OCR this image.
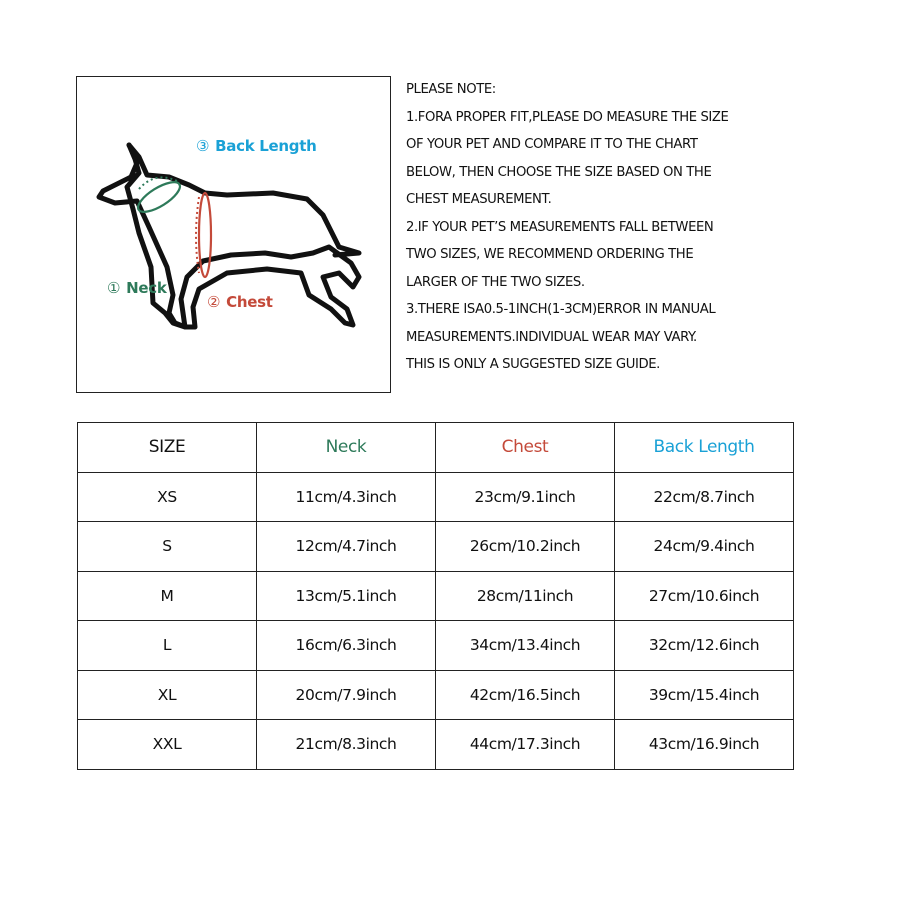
③ Back Length
① Neck
② Chest
PLEASE NOTE:
1.FORA PROPER FIT,PLEASE DO MEASURE THE SIZE
OF YOUR PET AND COMPARE IT TO THE CHART
BELOW, THEN CHOOSE THE SIZE BASED ON THE
CHEST MEASUREMENT.
2.IF YOUR PET’S MEASUREMENTS FALL BETWEEN
TWO SIZES, WE RECOMMEND ORDERING THE
LARGER OF THE TWO SIZES.
3.THERE ISA0.5-1INCH(1-3CM)ERROR IN MANUAL
MEASUREMENTS.INDIVIDUAL WEAR MAY VARY.
THIS IS ONLY A SUGGESTED SIZE GUIDE.
SIZE	Neck	Chest	Back Length
XS	11cm/4.3inch	23cm/9.1inch	22cm/8.7inch
S	12cm/4.7inch	26cm/10.2inch	24cm/9.4inch
M	13cm/5.1inch	28cm/11inch	27cm/10.6inch
L	16cm/6.3inch	34cm/13.4inch	32cm/12.6inch
XL	20cm/7.9inch	42cm/16.5inch	39cm/15.4inch
XXL	21cm/8.3inch	44cm/17.3inch	43cm/16.9inch
